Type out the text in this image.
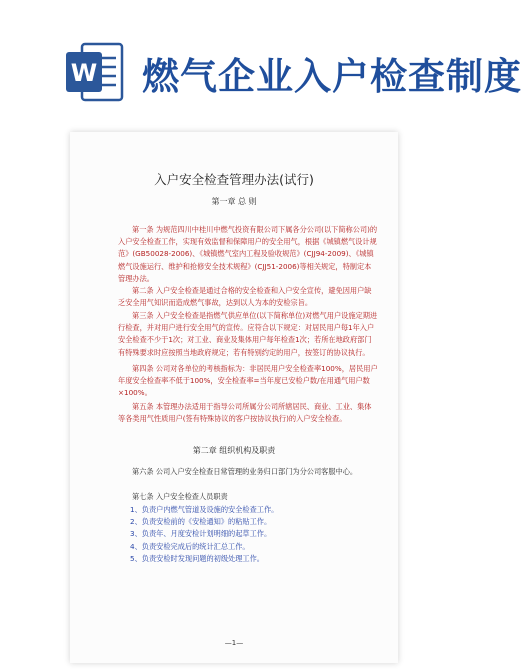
W 燃气企业入户检查制度
入户安全检查管理办法(试行)
第一章 总 则
第一条 为规范四川中桂川中燃气投资有限公司下属各分公司(以下简称公司)的入户安全检查工作，实现有效监督和保障用户的安全用气，根据《城镇燃气设计规范》(GB50028-2006)、《城镇燃气室内工程及验收规范》(CJJ94-2009)、《城镇燃气设施运行、维护和抢修安全技术规程》(CJJ51-2006)等相关规定，特制定本管理办法。
第二条 入户安全检查是通过合格的安全检查和入户安全宣传，避免因用户缺乏安全用气知识而造成燃气事故，达到以人为本的安检宗旨。
第三条 入户安全检查是指燃气供应单位(以下简称单位)对燃气用户设施定期进行检查，并对用户进行安全用气的宣传。应符合以下规定：对居民用户每1年入户安全检查不少于1次；对工业、商业及集体用户每年检查1次；若所在地政府部门有特殊要求时应按照当地政府规定；若有特别约定的用户，按签订的协议执行。
第四条 公司对各单位的考核指标为：非居民用户安全检查率100%，居民用户年度安全检查率不低于100%，安全检查率=当年度已安检户数/在用通气用户数×100%。
第五条 本管理办法适用于指导公司所属分公司所辖居民、商业、工业、集体等各类用气性质用户(签有特殊协议的客户按协议执行)的入户安全检查。
第二章 组织机构及职责
第六条 公司入户安全检查日常管理的业务归口部门为分公司客服中心。
第七条 入户安全检查人员职责
1、负责户内燃气管道及设施的安全检查工作。
2、负责安检前的《安检通知》的粘贴工作。
3、负责年、月度安检计划明细的起草工作。
4、负责安检完成后的统计汇总工作。
5、负责安检时发现问题的初级处理工作。
—1—
